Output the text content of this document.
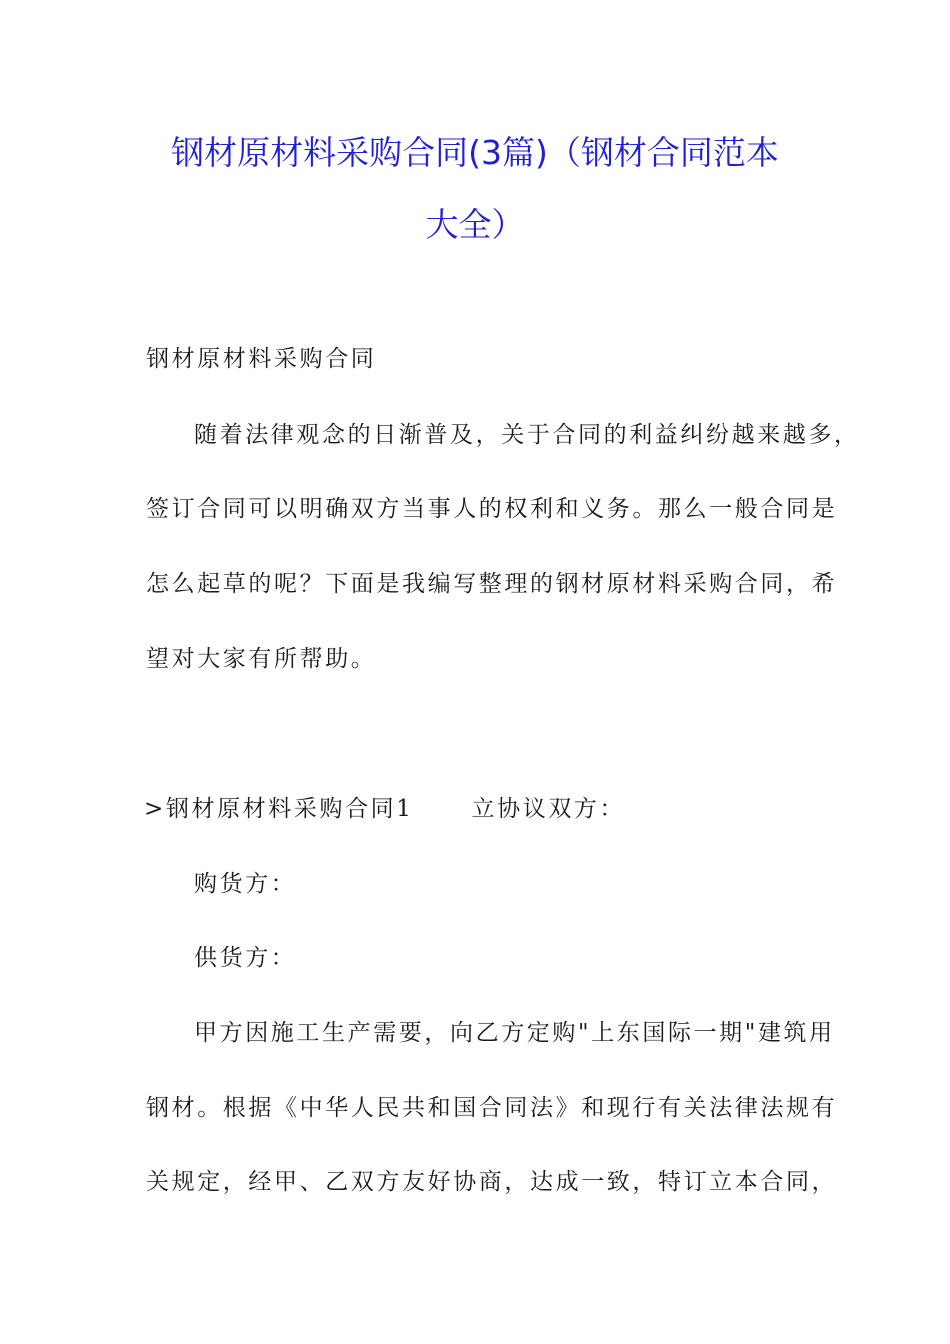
钢材原材料采购合同(3篇)（钢材合同范本
大全）
钢材原材料采购合同
随着法律观念的日渐普及，关于合同的利益纠纷越来越多，
签订合同可以明确双方当事人的权利和义务。那么一般合同是
怎么起草的呢？下面是我编写整理的钢材原材料采购合同，希
望对大家有所帮助。
>钢材原材料采购合同1	立协议双方：
购货方：
供货方：
甲方因施工生产需要，向乙方定购"上东国际一期"建筑用
钢材。根据《中华人民共和国合同法》和现行有关法律法规有
关规定，经甲、乙双方友好协商，达成一致，特订立本合同，
